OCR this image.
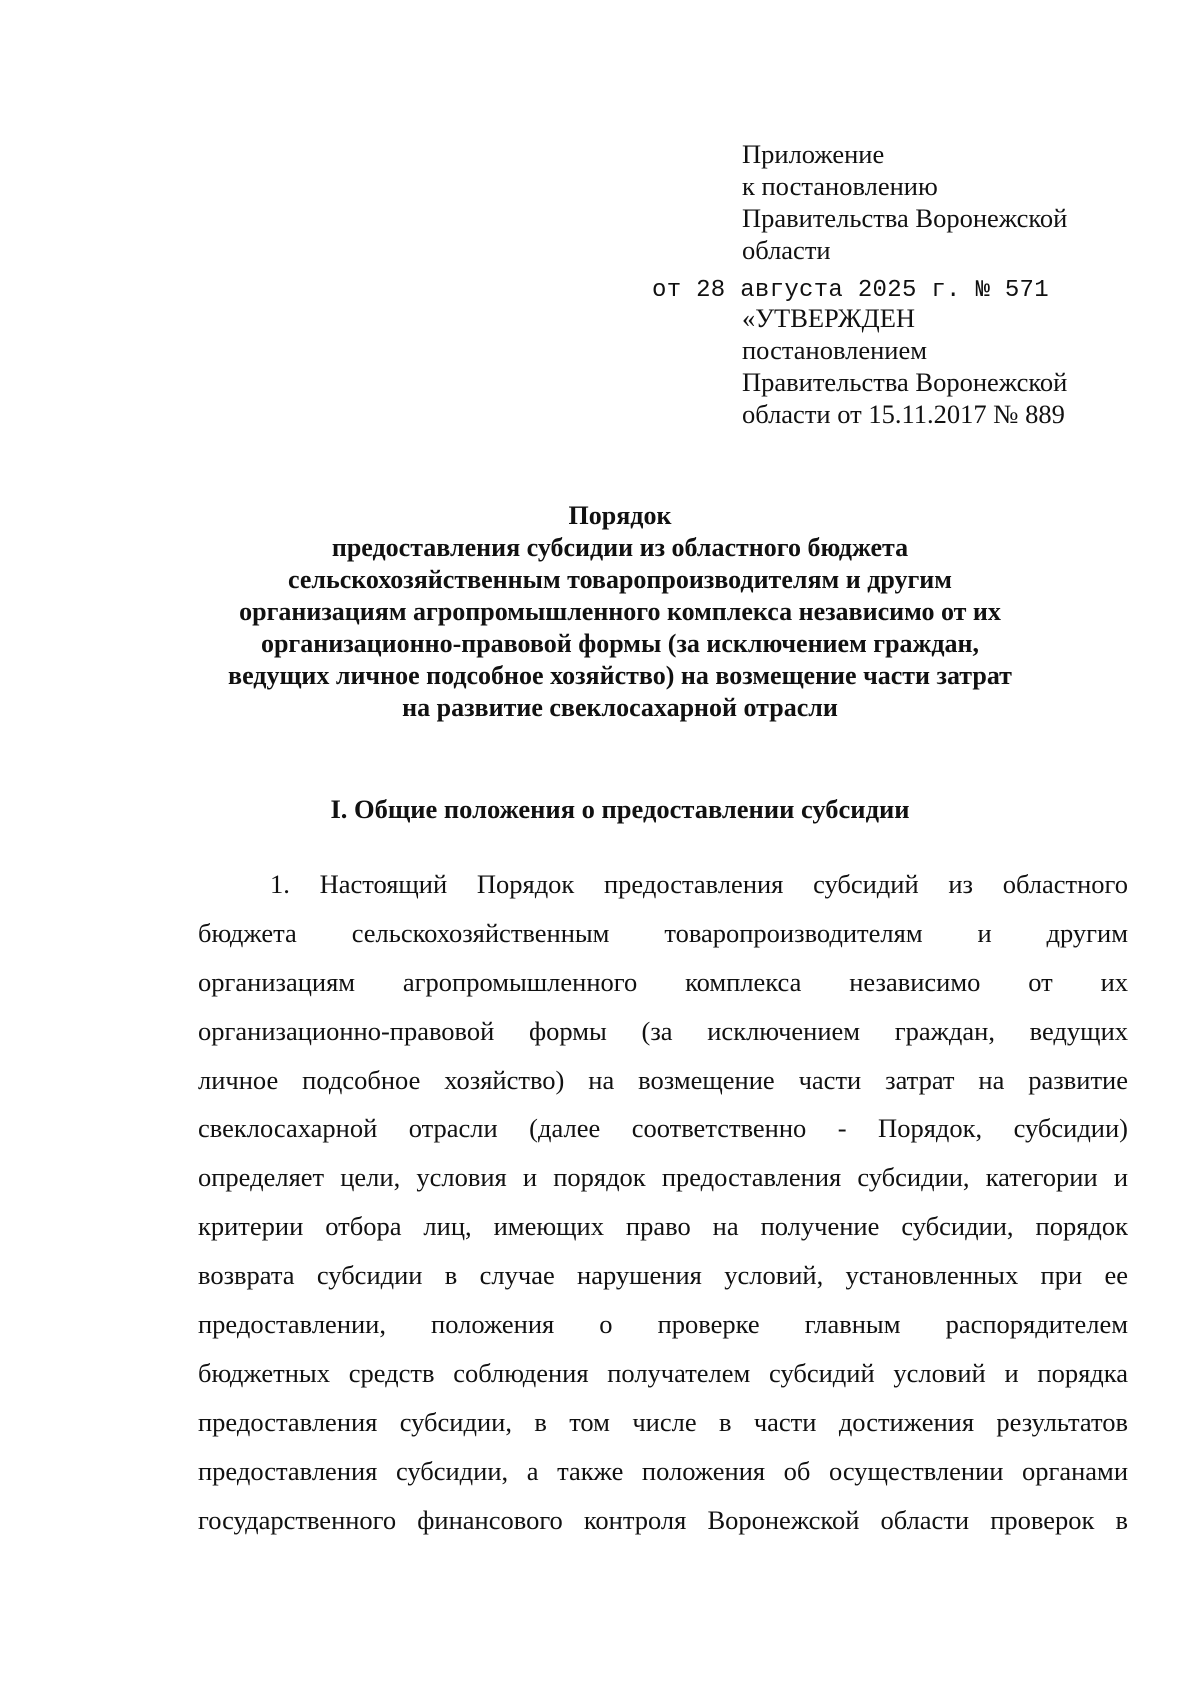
Приложение
к постановлению
Правительства Воронежской
области
от 28 августа 2025 г. № 571
«УТВЕРЖДЕН
постановлением
Правительства Воронежской
области от 15.11.2017 № 889
Порядок
предоставления субсидии из областного бюджета
сельскохозяйственным товаропроизводителям и другим
организациям агропромышленного комплекса независимо от их
организационно-правовой формы (за исключением граждан,
ведущих личное подсобное хозяйство) на возмещение части затрат
на развитие свеклосахарной отрасли
I. Общие положения о предоставлении субсидии
1. Настоящий Порядок предоставления субсидий из областного
бюджета сельскохозяйственным товаропроизводителям и другим
организациям агропромышленного комплекса независимо от их
организационно-правовой формы (за исключением граждан, ведущих
личное подсобное хозяйство) на возмещение части затрат на развитие
свеклосахарной отрасли (далее соответственно - Порядок, субсидии)
определяет цели, условия и порядок предоставления субсидии, категории и
критерии отбора лиц, имеющих право на получение субсидии, порядок
возврата субсидии в случае нарушения условий, установленных при ее
предоставлении, положения о проверке главным распорядителем
бюджетных средств соблюдения получателем субсидий условий и порядка
предоставления субсидии, в том числе в части достижения результатов
предоставления субсидии, а также положения об осуществлении органами
государственного финансового контроля Воронежской области проверок в
